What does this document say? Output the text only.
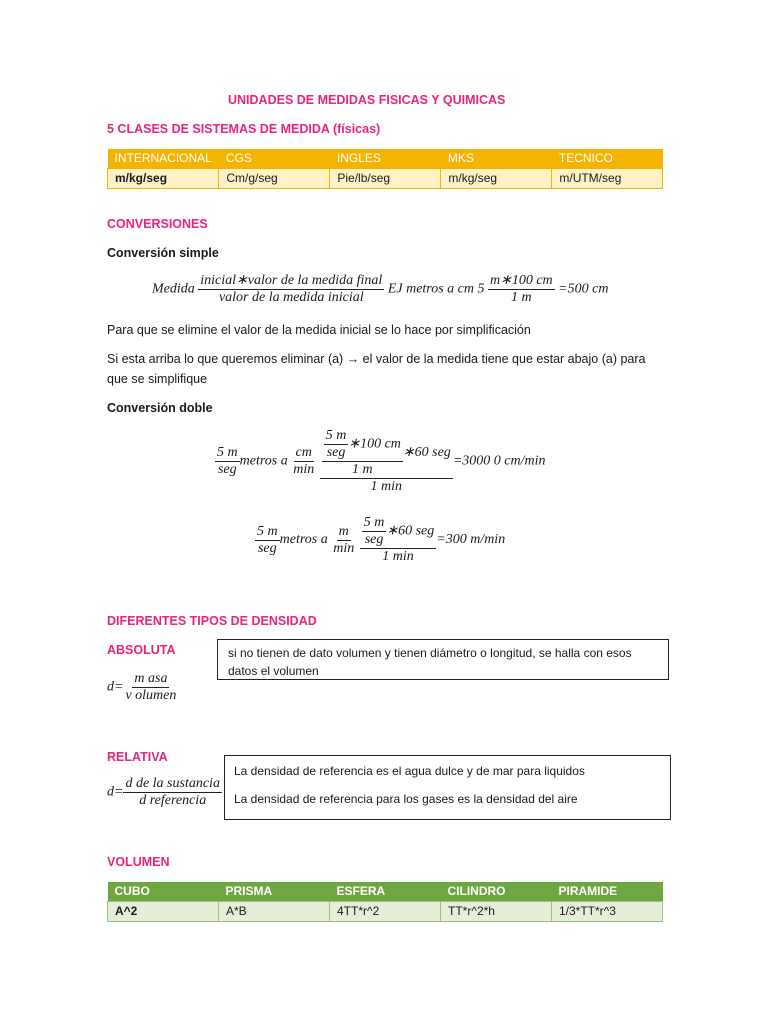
UNIDADES DE MEDIDAS FISICAS Y QUIMICAS
5 CLASES DE SISTEMAS DE MEDIDA (físicas)
INTERNACIONAL	CGS	INGLES	MKS	TECNICO
m/kg/seg	Cm/g/seg	Pie/lb/seg	m/kg/seg	m/UTM/seg
CONVERSIONES
Conversión simple
Medida $\frac{\text{inicial∗valor de la medida final}}{\text{valor de la medida inicial}}$ EJ metros a cm $5 \frac{m∗100 cm}{1 m} =500$ cm
Para que se elimine el valor de la medida inicial se lo hace por simplificación
Si esta arriba lo que queremos eliminar (a) → el valor de la medida tiene que estar abajo (a) para
que se simplifique
Conversión doble
$\frac{5 m}{\text{seg}}$ metros a $\frac{cm}{\min}$
$\frac{\frac{5 m}{\text{seg}} ∗100 cm}{1 m}$ ∗60 seg
1 min
=3000 0 cm/min
$\frac{5 m}{\text{seg}}$ metros a $\frac{m}{\min}$
$\frac{\frac{5 m}{\text{seg}} ∗60 seg}{1 \min} =300$ m/min
DIFERENTES TIPOS DE DENSIDAD
ABSOLUTA
$d= \frac{\text{m asa}}{\text{v olumen}}$
si no tienen de dato volumen y tienen diámetro o longitud, se halla con esos
datos el volumen
RELATIVA
$d= \frac{\text{d de la sustancia}}{\text{d referencia}}$
La densidad de referencia es el agua dulce y de mar para liquidos
La densidad de referencia para los gases es la densidad del aire
VOLUMEN
CUBO	PRISMA	ESFERA	CILINDRO	PIRAMIDE
A^2	A*B	4TT*r^2	TT*r^2*h	1/3*TT*r^3
